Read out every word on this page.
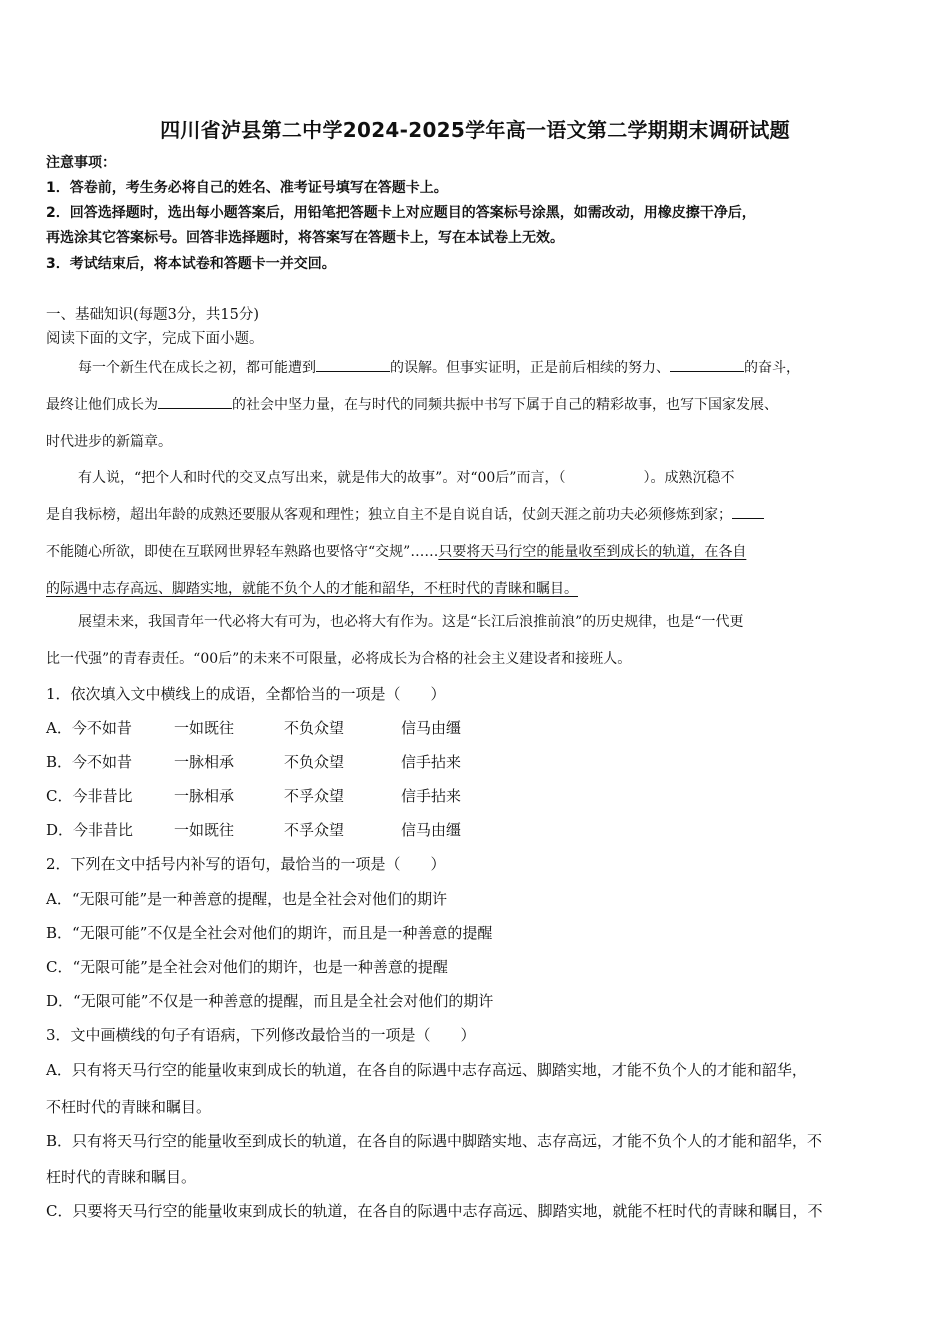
四川省泸县第二中学2024-2025学年高一语文第二学期期末调研试题
注意事项：
1．答卷前，考生务必将自己的姓名、准考证号填写在答题卡上。
2．回答选择题时，选出每小题答案后，用铅笔把答题卡上对应题目的答案标号涂黑，如需改动，用橡皮擦干净后，
再选涂其它答案标号。回答非选择题时，将答案写在答题卡上，写在本试卷上无效。
3．考试结束后，将本试卷和答题卡一并交回。
一、基础知识(每题3分，共15分)
阅读下面的文字，完成下面小题。
每一个新生代在成长之初，都可能遭到	的误解。但事实证明，正是前后相续的努力、	的奋斗，
最终让他们成长为	的社会中坚力量，在与时代的同频共振中书写下属于自己的精彩故事，也写下国家发展、
时代进步的新篇章。
有人说，“把个人和时代的交叉点写出来，就是伟大的故事”。对“00后”而言，（	）。成熟沉稳不
是自我标榜，超出年龄的成熟还要服从客观和理性；独立自主不是自说自话，仗剑天涯之前功夫必须修炼到家；
不能随心所欲，即使在互联网世界轻车熟路也要恪守“交规”……只要将天马行空的能量收至到成长的轨道，在各自
的际遇中志存高远、脚踏实地，就能不负个人的才能和韶华，不枉时代的青睐和瞩目。
展望未来，我国青年一代必将大有可为，也必将大有作为。这是“长江后浪推前浪”的历史规律，也是“一代更
比一代强”的青春责任。“00后”的未来不可限量，必将成长为合格的社会主义建设者和接班人。
1．依次填入文中横线上的成语，全都恰当的一项是（　　）
A．今不如昔	一如既往	不负众望	信马由缰
B．今不如昔	一脉相承	不负众望	信手拈来
C．今非昔比	一脉相承	不孚众望	信手拈来
D．今非昔比	一如既往	不孚众望	信马由缰
2．下列在文中括号内补写的语句，最恰当的一项是（　　）
A．“无限可能”是一种善意的提醒，也是全社会对他们的期许
B．“无限可能”不仅是全社会对他们的期许，而且是一种善意的提醒
C．“无限可能”是全社会对他们的期许，也是一种善意的提醒
D．“无限可能”不仅是一种善意的提醒，而且是全社会对他们的期许
3．文中画横线的句子有语病，下列修改最恰当的一项是（　　）
A．只有将天马行空的能量收束到成长的轨道，在各自的际遇中志存高远、脚踏实地，才能不负个人的才能和韶华，
不枉时代的青睐和瞩目。
B．只有将天马行空的能量收至到成长的轨道，在各自的际遇中脚踏实地、志存高远，才能不负个人的才能和韶华，不
枉时代的青睐和瞩目。
C．只要将天马行空的能量收束到成长的轨道，在各自的际遇中志存高远、脚踏实地，就能不枉时代的青睐和瞩目，不
